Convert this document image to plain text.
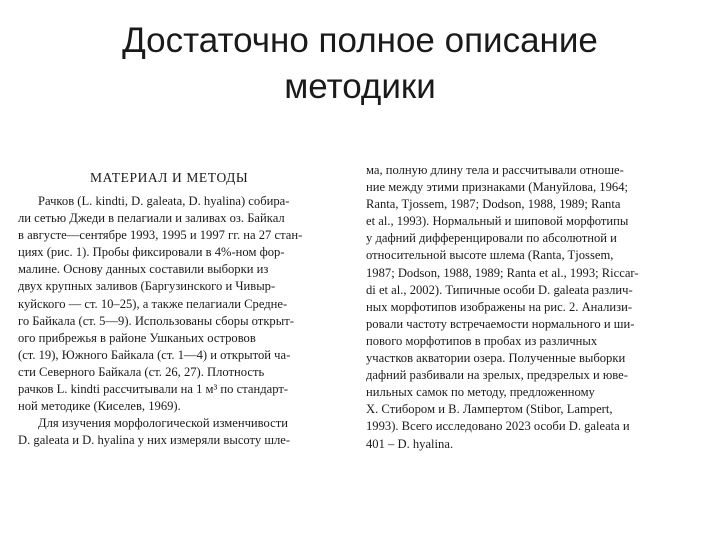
Достаточно полное описание
методики
МАТЕРИАЛ И МЕТОДЫ
Рачков (L. kindti, D. galeata, D. hyalina) собира-
ли сетью Джеди в пелагиали и заливах оз. Байкал
в августе—сентябре 1993, 1995 и 1997 гг. на 27 стан-
циях (рис. 1). Пробы фиксировали в 4%-ном фор-
малине. Основу данных составили выборки из
двух крупных заливов (Баргузинского и Чивыр-
куйского — ст. 10–25), а также пелагиали Средне-
го Байкала (ст. 5—9). Использованы сборы открыт-
ого прибрежья в районе Ушканьих островов
(ст. 19), Южного Байкала (ст. 1—4) и открытой ча-
сти Северного Байкала (ст. 26, 27). Плотность
рачков L. kindti рассчитывали на 1 м³ по стандарт-
ной методике (Киселев, 1969).
Для изучения морфологической изменчивости
D. galeata и D. hyalina у них измеряли высоту шле-
ма, полную длину тела и рассчитывали отноше-
ние между этими признаками (Мануйлова, 1964;
Ranta, Tjossem, 1987; Dodson, 1988, 1989; Ranta
et al., 1993). Нормальный и шиповой морфотипы
у дафний дифференцировали по абсолютной и
относительной высоте шлема (Ranta, Tjossem,
1987; Dodson, 1988, 1989; Ranta et al., 1993; Riccar-
di et al., 2002). Типичные особи D. galeata различ-
ных морфотипов изображены на рис. 2. Анализи-
ровали частоту встречаемости нормального и ши-
пового морфотипов в пробах из различных
участков акватории озера. Полученные выборки
дафний разбивали на зрелых, предзрелых и юве-
нильных самок по методу, предложенному
Х. Стиборoм и В. Лампертом (Stibor, Lampert,
1993). Всего исследовано 2023 особи D. galeata и
401 – D. hyalina.
